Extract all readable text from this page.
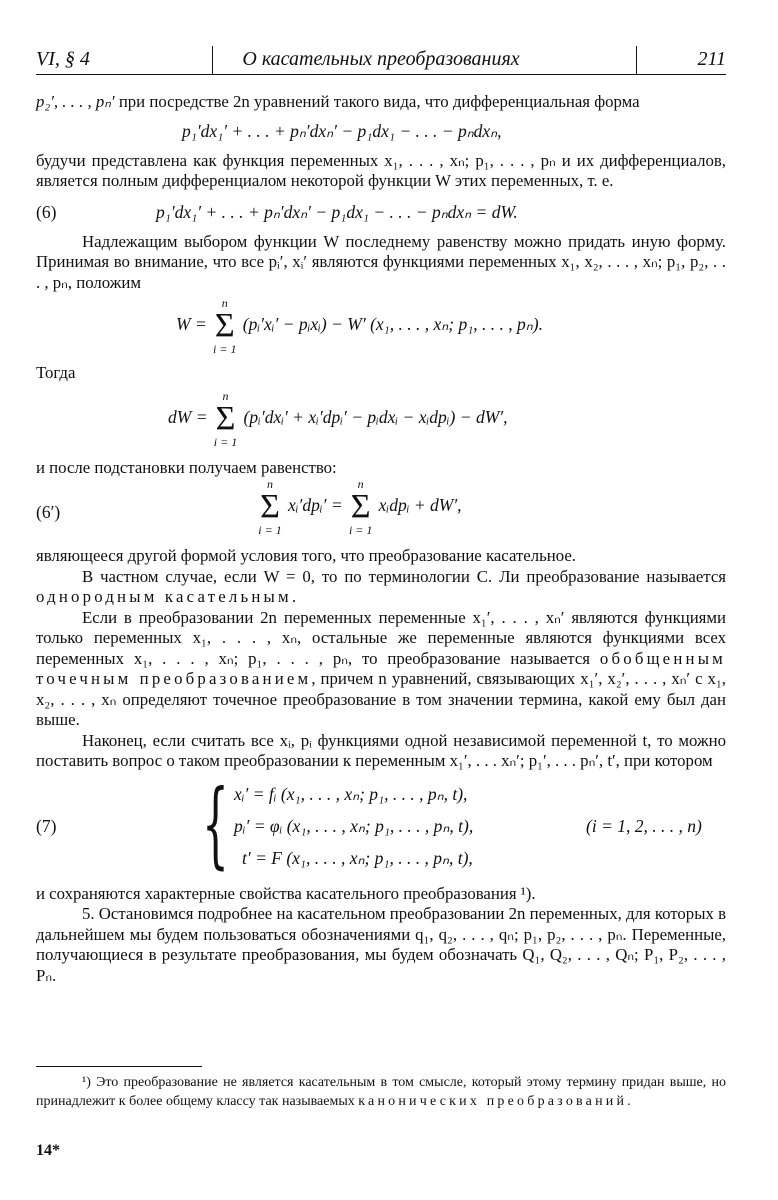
VI, § 4	О касательных преобразованиях	211

p₂′, . . . , pₙ′ при посредстве 2n уравнений такого вида, что дифференциальная форма

p₁′dx₁′ + . . . + pₙ′dxₙ′ − p₁dx₁ − . . . − pₙdxₙ,

будучи представлена как функция переменных x₁, . . . , xₙ; p₁, . . . , pₙ и их дифференциалов, является полным дифференциалом некоторой функции W этих переменных, т. е.

(6)	p₁′dx₁′ + . . . + pₙ′dxₙ′ − p₁dx₁ − . . . − pₙdxₙ = dW.

Надлежащим выбором функции W последнему равенству можно придать иную форму. Принимая во внимание, что все pᵢ′, xᵢ′ являются функциями переменных x₁, x₂, . . . , xₙ; p₁, p₂, . . . , pₙ, положим

W =
n
Σ
i = 1
(pᵢ′xᵢ′ − pᵢxᵢ) − W′ (x₁, . . . , xₙ; p₁, . . . , pₙ).

Тогда

dW =
n
Σ
i = 1
(pᵢ′dxᵢ′ + xᵢ′dpᵢ′ − pᵢdxᵢ − xᵢdpᵢ) − dW′,

и после подстановки получаем равенство:

(6′)
n
Σ
i = 1
xᵢ′dpᵢ′ =
n
Σ
i = 1
xᵢdpᵢ + dW′,

являющееся другой формой условия того, что преобразование касательное.

В частном случае, если W = 0, то по терминологии С. Ли преобразование называется однородным касательным.

Если в преобразовании 2n переменных переменные x₁′, . . . , xₙ′ являются функциями только переменных x₁, . . . , xₙ, остальные же переменные являются функциями всех переменных x₁, . . . , xₙ; p₁, . . . , pₙ, то преобразование называется обобщенным точечным преобразованием, причем n уравнений, связывающих x₁′, x₂′, . . . , xₙ′ с x₁, x₂, . . . , xₙ определяют точечное преобразование в том значении термина, какой ему был дан выше.

Наконец, если считать все xᵢ, pᵢ функциями одной независимой переменной t, то можно поставить вопрос о таком преобразовании к переменным x₁′, . . . xₙ′; p₁′, . . . pₙ′, t′, при котором

(7) { xᵢ′ = fᵢ (x₁, . . . , xₙ; p₁, . . . , pₙ, t),
pᵢ′ = φᵢ (x₁, . . . , xₙ; p₁, . . . , pₙ, t),
t′ = F (x₁, . . . , xₙ; p₁, . . . , pₙ, t),
(i = 1, 2, . . . , n)

и сохраняются характерные свойства касательного преобразования ¹).

5. Остановимся подробнее на касательном преобразовании 2n переменных, для которых в дальнейшем мы будем пользоваться обозначениями q₁, q₂, . . . , qₙ; p₁, p₂, . . . , pₙ. Переменные, получающиеся в результате преобразования, мы будем обозначать Q₁, Q₂, . . . , Qₙ; P₁, P₂, . . . , Pₙ.

¹) Это преобразование не является касательным в том смысле, который этому термину придан выше, но принадлежит к более общему классу так называемых канонических преобразований.

14*
